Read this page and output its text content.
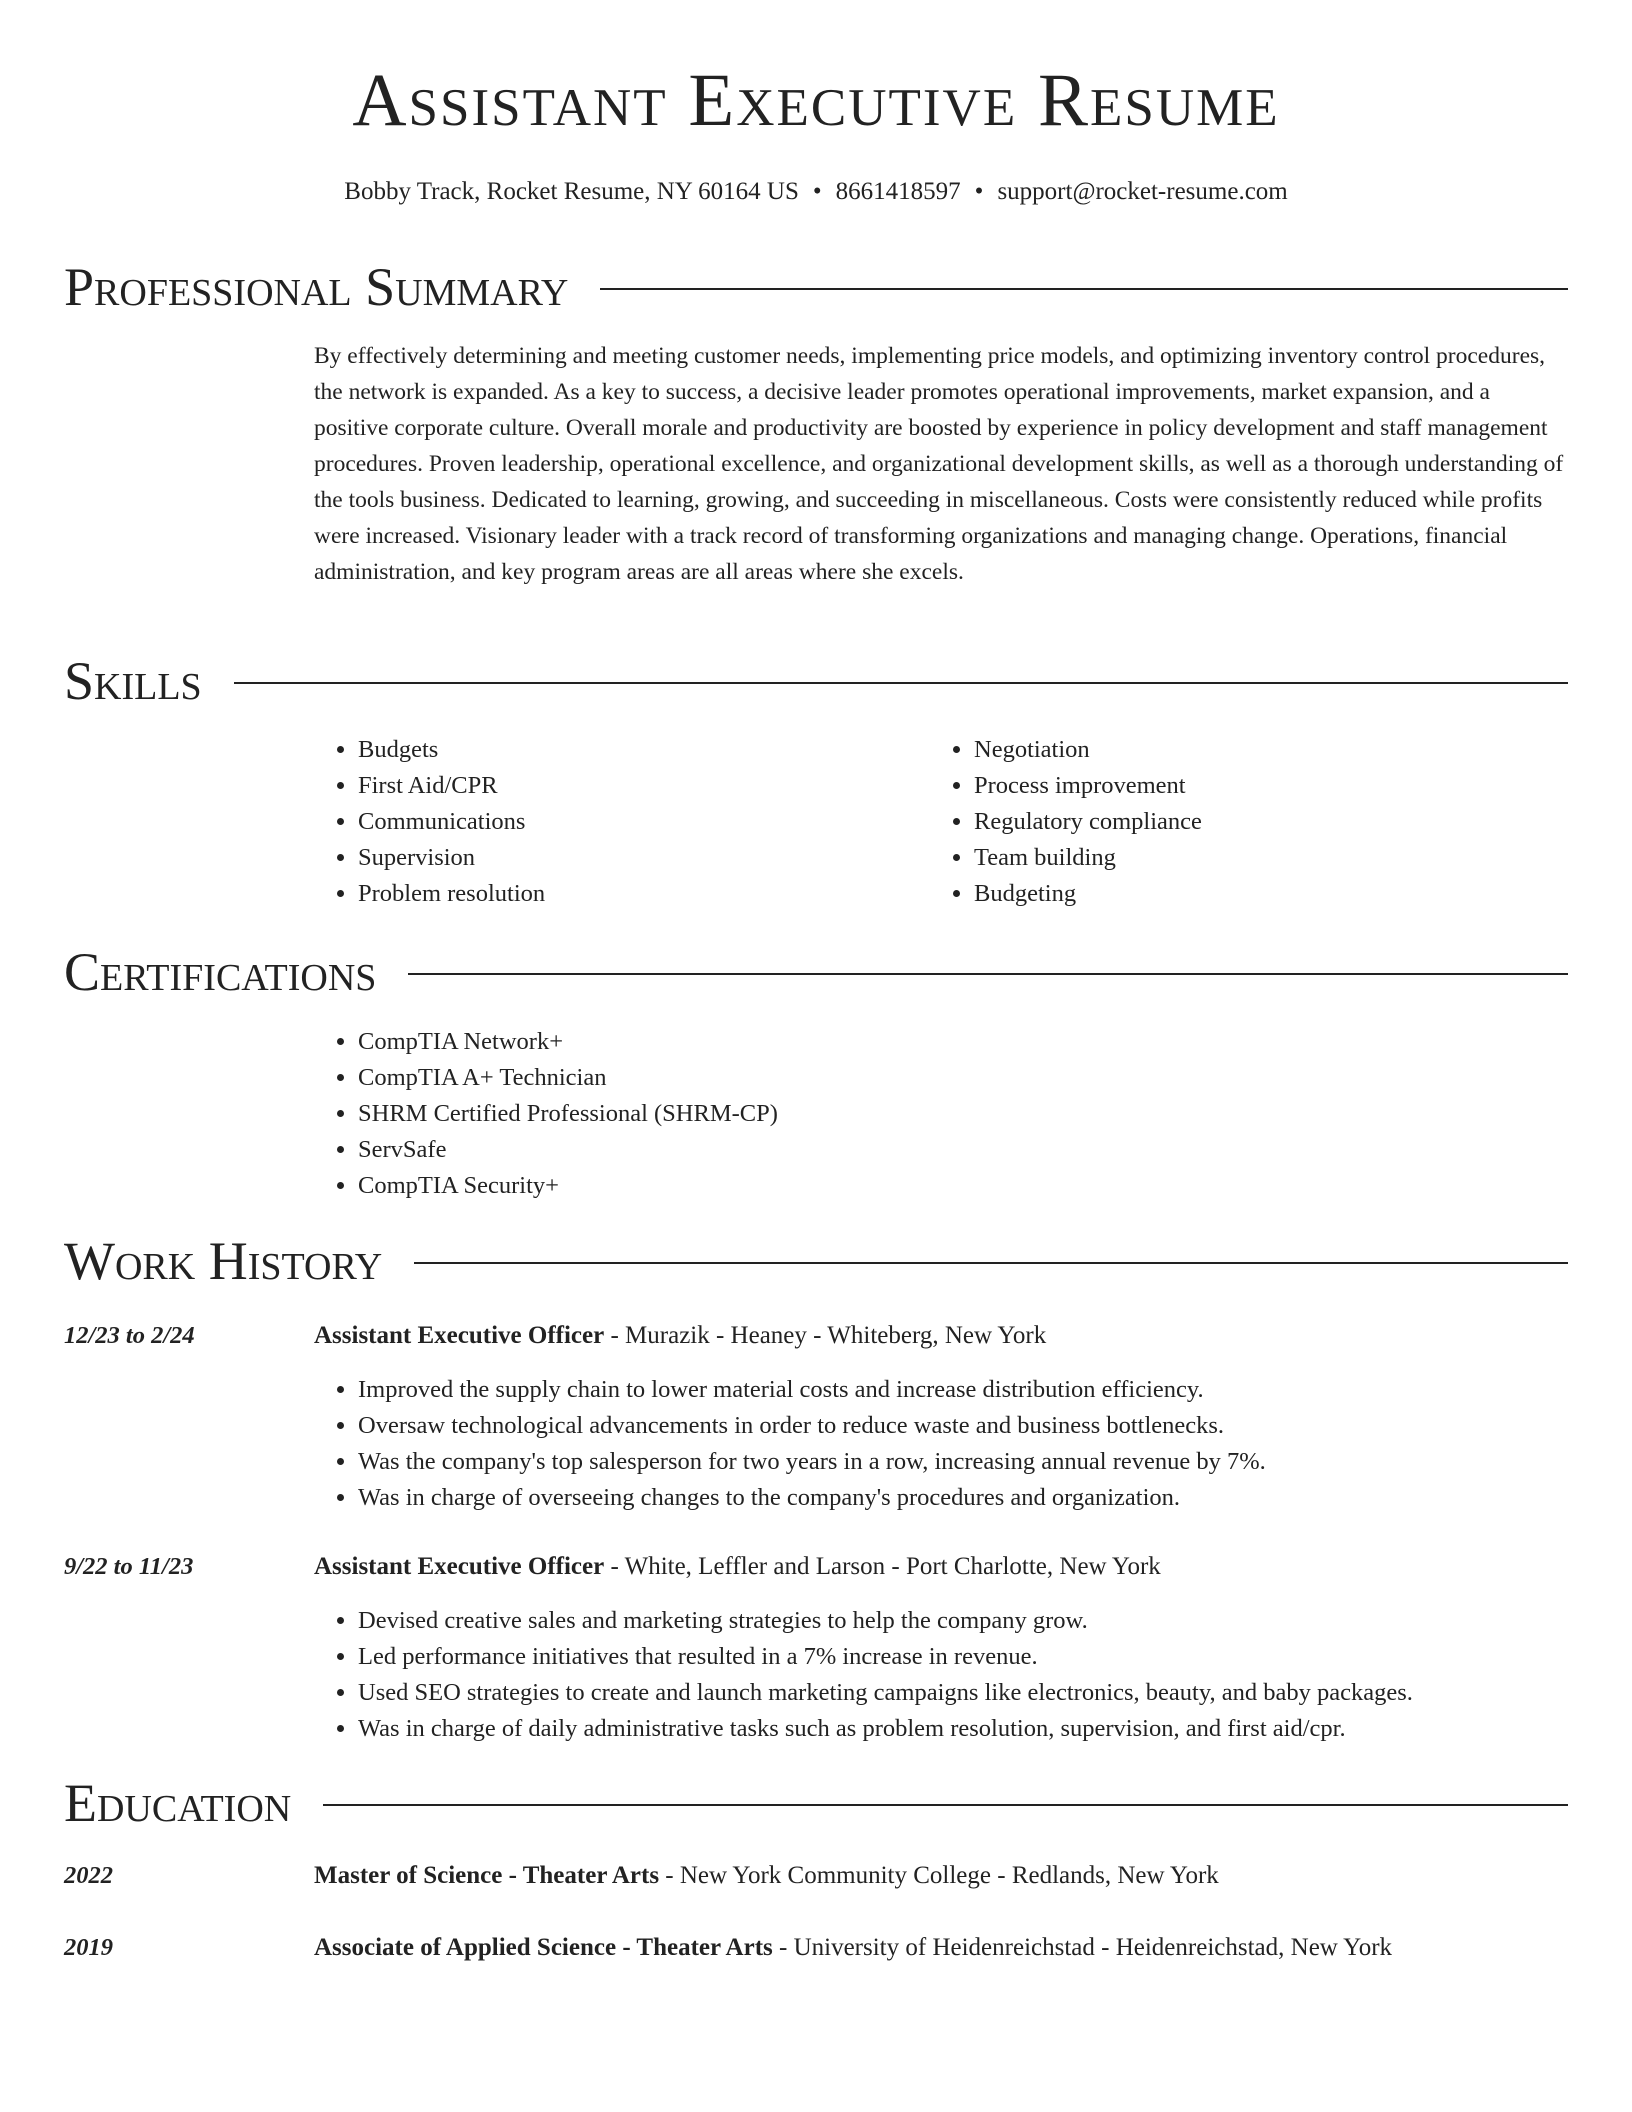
Assistant Executive Resume
Bobby Track, Rocket Resume, NY 60164 US • 8661418597 • support@rocket-resume.com
Professional Summary

By effectively determining and meeting customer needs, implementing price models, and optimizing inventory control procedures, the network is expanded. As a key to success, a decisive leader promotes operational improvements, market expansion, and a positive corporate culture. Overall morale and productivity are boosted by experience in policy development and staff management procedures. Proven leadership, operational excellence, and organizational development skills, as well as a thorough understanding of the tools business. Dedicated to learning, growing, and succeeding in miscellaneous. Costs were consistently reduced while profits were increased. Visionary leader with a track record of transforming organizations and managing change. Operations, financial administration, and key program areas are all areas where she excels.

Skills
• Budgets
• First Aid/CPR
• Communications
• Supervision
• Problem resolution
• Negotiation
• Process improvement
• Regulatory compliance
• Team building
• Budgeting
Certifications
• CompTIA Network+
• CompTIA A+ Technician
• SHRM Certified Professional (SHRM-CP)
• ServSafe
• CompTIA Security+
Work History
12/23 to 2/24	Assistant Executive Officer - Murazik - Heaney - Whiteberg, New York
• Improved the supply chain to lower material costs and increase distribution efficiency.
• Oversaw technological advancements in order to reduce waste and business bottlenecks.
• Was the company's top salesperson for two years in a row, increasing annual revenue by 7%.
• Was in charge of overseeing changes to the company's procedures and organization.
9/22 to 11/23	Assistant Executive Officer - White, Leffler and Larson - Port Charlotte, New York
• Devised creative sales and marketing strategies to help the company grow.
• Led performance initiatives that resulted in a 7% increase in revenue.
• Used SEO strategies to create and launch marketing campaigns like electronics, beauty, and baby packages.
• Was in charge of daily administrative tasks such as problem resolution, supervision, and first aid/cpr.
Education
2022	Master of Science - Theater Arts - New York Community College - Redlands, New York
2019	Associate of Applied Science - Theater Arts - University of Heidenreichstad - Heidenreichstad, New York
